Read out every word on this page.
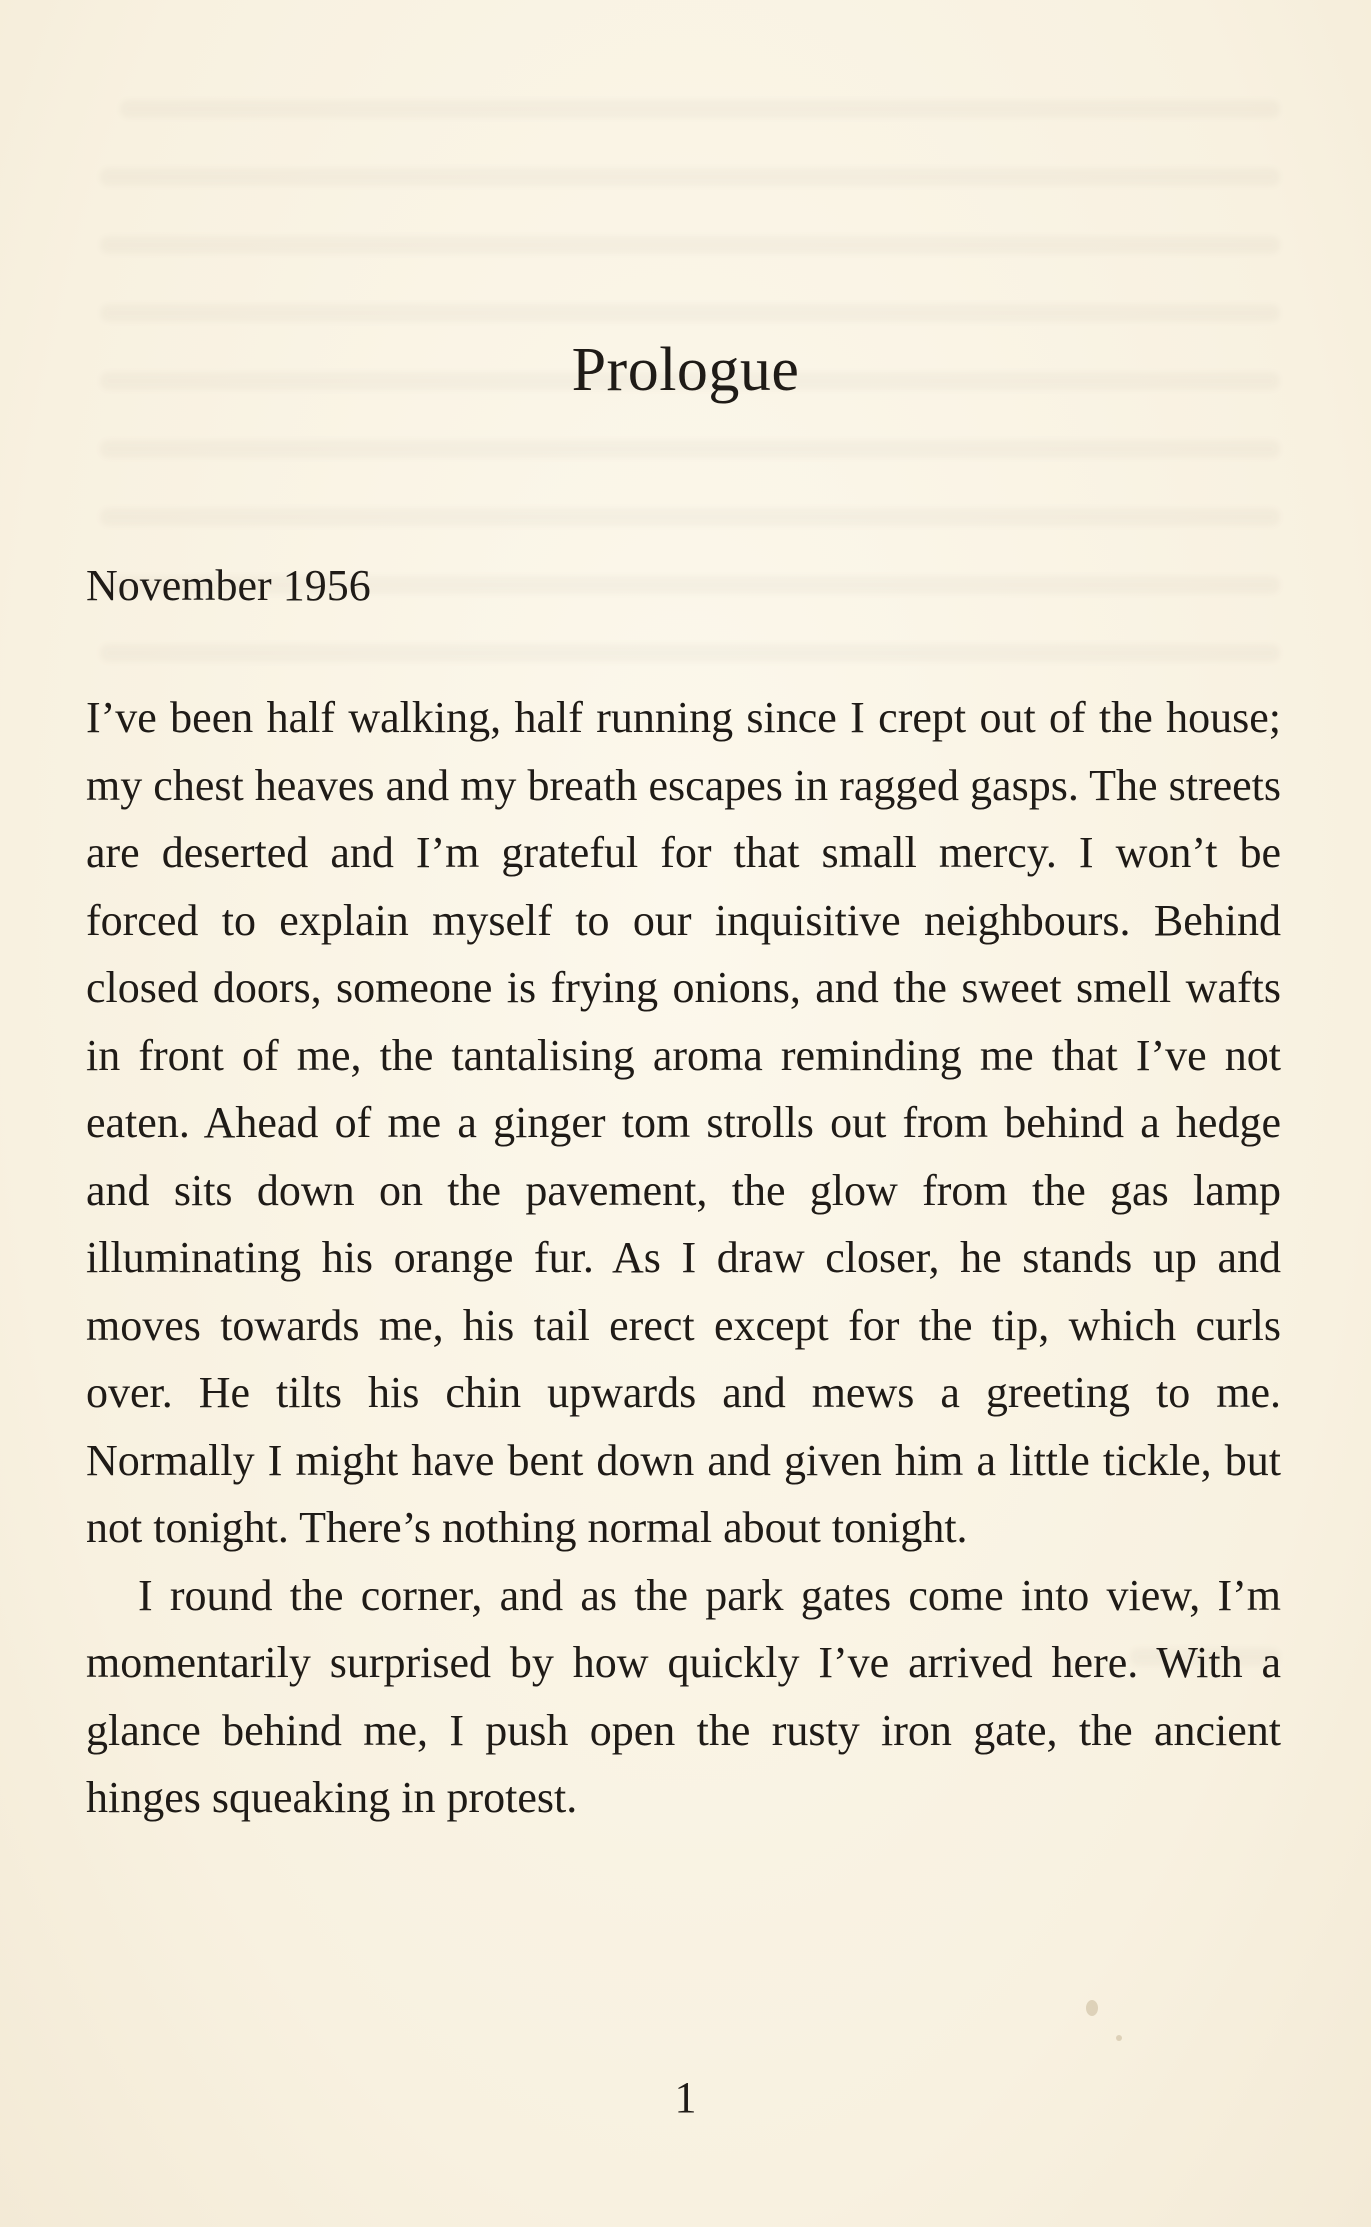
Prologue

November 1956

I’ve been half walking, half running since I crept out of the house; my chest heaves and my breath escapes in ragged gasps. The streets are deserted and I’m grateful for that small mercy. I won’t be forced to explain myself to our inquisitive neighbours. Behind closed doors, someone is frying onions, and the sweet smell wafts in front of me, the tantalising aroma reminding me that I’ve not eaten. Ahead of me a ginger tom strolls out from behind a hedge and sits down on the pavement, the glow from the gas lamp illuminating his orange fur. As I draw closer, he stands up and moves towards me, his tail erect except for the tip, which curls over. He tilts his chin upwards and mews a greeting to me. Normally I might have bent down and given him a little tickle, but not tonight. There’s nothing normal about tonight.

I round the corner, and as the park gates come into view, I’m momentarily surprised by how quickly I’ve arrived here. With a glance behind me, I push open the rusty iron gate, the ancient hinges squeaking in protest.

1
